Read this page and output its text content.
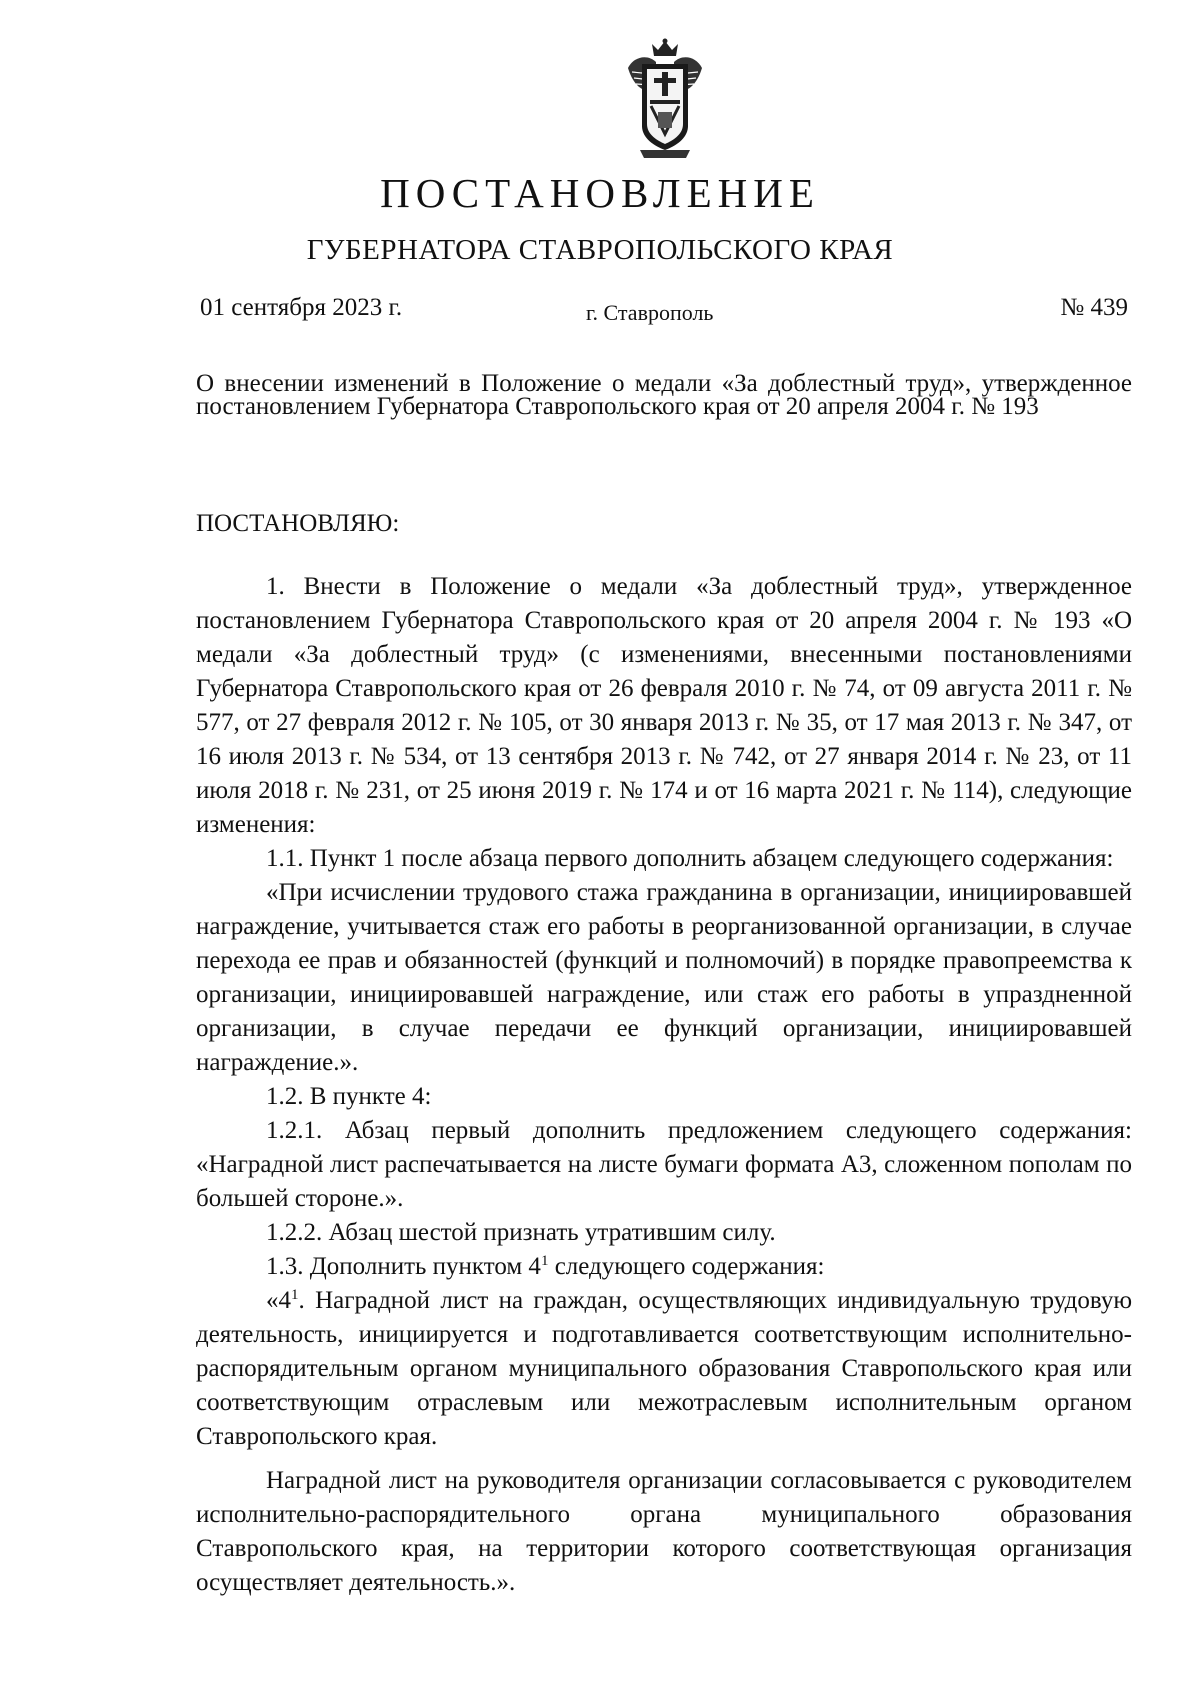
ПОСТАНОВЛЕНИЕ
ГУБЕРНАТОРА СТАВРОПОЛЬСКОГО КРАЯ
01 сентября 2023 г.	г. Ставрополь	№ 439
О внесении изменений в Положение о медали «За доблестный труд», утвержденное постановлением Губернатора Ставропольского края от 20 апреля 2004 г. № 193
ПОСТАНОВЛЯЮ:

1. Внести в Положение о медали «За доблестный труд», утвержденное постановлением Губернатора Ставропольского края от 20 апреля 2004 г. № 193 «О медали «За доблестный труд» (с изменениями, внесенными постановлениями Губернатора Ставропольского края от 26 февраля 2010 г. № 74, от 09 августа 2011 г. № 577, от 27 февраля 2012 г. № 105, от 30 января 2013 г. № 35, от 17 мая 2013 г. № 347, от 16 июля 2013 г. № 534, от 13 сентября 2013 г. № 742, от 27 января 2014 г. № 23, от 11 июля 2018 г. № 231, от 25 июня 2019 г. № 174 и от 16 марта 2021 г. № 114), следующие изменения:

1.1. Пункт 1 после абзаца первого дополнить абзацем следующего содержания:

«При исчислении трудового стажа гражданина в организации, инициировавшей награждение, учитывается стаж его работы в реорганизованной организации, в случае перехода ее прав и обязанностей (функций и полномочий) в порядке правопреемства к организации, инициировавшей награждение, или стаж его работы в упраздненной организации, в случае передачи ее функций организации, инициировавшей награждение.».

1.2. В пункте 4:

1.2.1. Абзац первый дополнить предложением следующего содержания: «Наградной лист распечатывается на листе бумаги формата А3, сложенном пополам по большей стороне.».

1.2.2. Абзац шестой признать утратившим силу.

1.3. Дополнить пунктом $4^1$ следующего содержания:

«$4^1$. Наградной лист на граждан, осуществляющих индивидуальную трудовую деятельность, инициируется и подготавливается соответствующим исполнительно-распорядительным органом муниципального образования Ставропольского края или соответствующим отраслевым или межотраслевым исполнительным органом Ставропольского края.

Наградной лист на руководителя организации согласовывается с руководителем исполнительно-распорядительного органа муниципального образования Ставропольского края, на территории которого соответствующая организация осуществляет деятельность.».
